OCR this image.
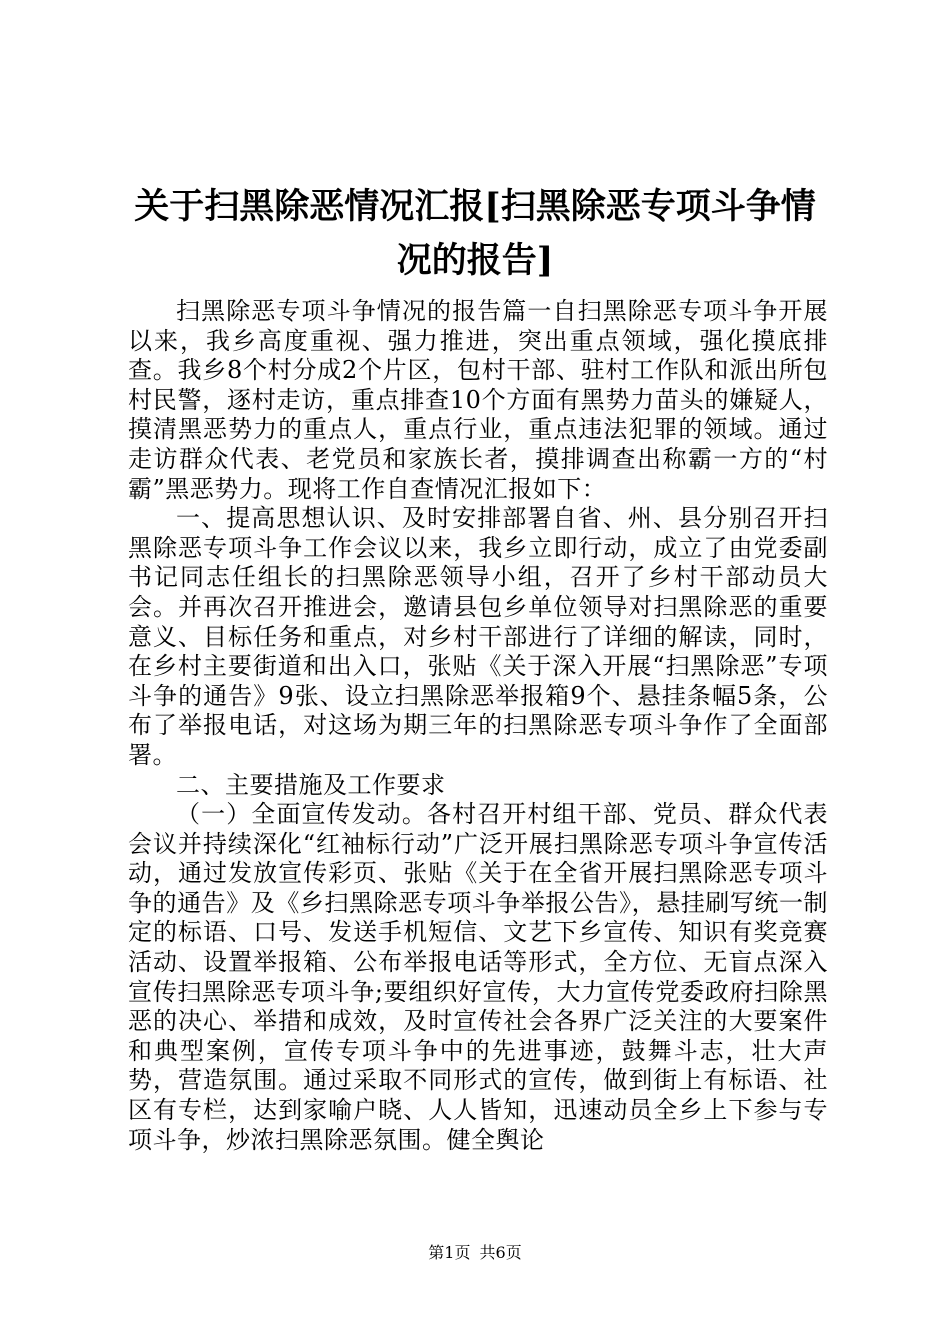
关于扫黑除恶情况汇报[扫黑除恶专项斗争情况的报告]

扫黑除恶专项斗争情况的报告篇一自扫黑除恶专项斗争开展以来，我乡高度重视、强力推进，突出重点领域，强化摸底排查。我乡8个村分成2个片区，包村干部、驻村工作队和派出所包村民警，逐村走访，重点排查10个方面有黑势力苗头的嫌疑人，摸清黑恶势力的重点人，重点行业，重点违法犯罪的领域。通过走访群众代表、老党员和家族长者，摸排调查出称霸一方的“村霸”黑恶势力。现将工作自查情况汇报如下：

一、提高思想认识、及时安排部署自省、州、县分别召开扫黑除恶专项斗争工作会议以来，我乡立即行动，成立了由党委副书记同志任组长的扫黑除恶领导小组，召开了乡村干部动员大会。并再次召开推进会，邀请县包乡单位领导对扫黑除恶的重要意义、目标任务和重点，对乡村干部进行了详细的解读，同时，在乡村主要街道和出入口，张贴《关于深入开展“扫黑除恶”专项斗争的通告》9张、设立扫黑除恶举报箱9个、悬挂条幅5条，公布了举报电话，对这场为期三年的扫黑除恶专项斗争作了全面部署。

二、主要措施及工作要求

（一）全面宣传发动。各村召开村组干部、党员、群众代表会议并持续深化“红袖标行动”广泛开展扫黑除恶专项斗争宣传活动，通过发放宣传彩页、张贴《关于在全省开展扫黑除恶专项斗争的通告》及《乡扫黑除恶专项斗争举报公告》，悬挂刷写统一制定的标语、口号、发送手机短信、文艺下乡宣传、知识有奖竞赛活动、设置举报箱、公布举报电话等形式，全方位、无盲点深入宣传扫黑除恶专项斗争;要组织好宣传，大力宣传党委政府扫除黑恶的决心、举措和成效，及时宣传社会各界广泛关注的大要案件和典型案例，宣传专项斗争中的先进事迹，鼓舞斗志，壮大声势，营造氛围。通过采取不同形式的宣传，做到街上有标语、社区有专栏，达到家喻户晓、人人皆知，迅速动员全乡上下参与专项斗争，炒浓扫黑除恶氛围。健全舆论

第1页 共6页
